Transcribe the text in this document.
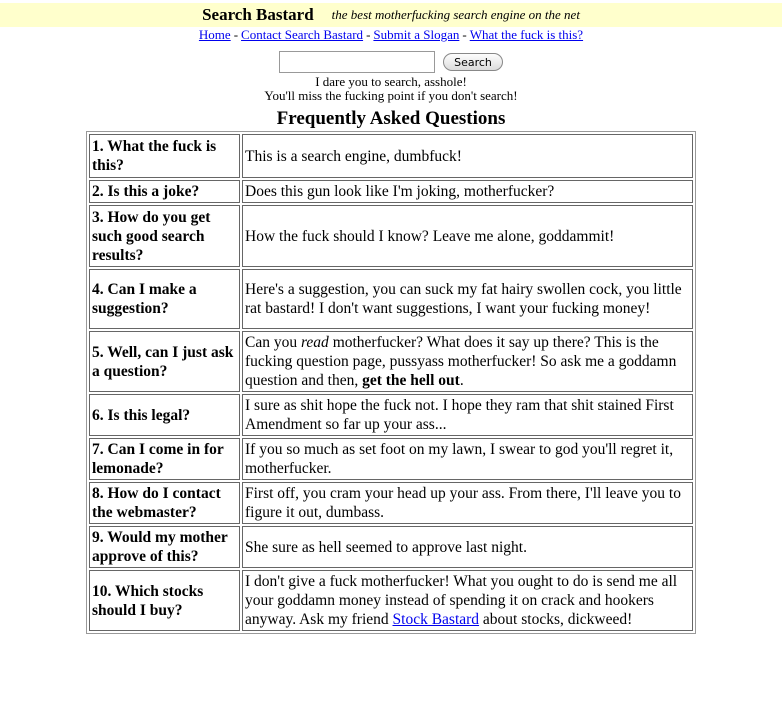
Search Bastard the best motherfucking search engine on the net
Home - Contact Search Bastard - Submit a Slogan - What the fuck is this?
Search
I dare you to search, asshole!
You'll miss the fucking point if you don't search!
Frequently Asked Questions
1. What the fuck is this?	This is a search engine, dumbfuck!
2. Is this a joke?	Does this gun look like I'm joking, motherfucker?
3. How do you get such good search results?	How the fuck should I know? Leave me alone, goddammit!
4. Can I make a suggestion?	Here's a suggestion, you can suck my fat hairy swollen cock, you little rat bastard! I don't want suggestions, I want your fucking money!
5. Well, can I just ask a question?	Can you read motherfucker? What does it say up there? This is the fucking question page, pussyass motherfucker! So ask me a goddamn question and then, get the hell out.
6. Is this legal?	I sure as shit hope the fuck not. I hope they ram that shit stained First Amendment so far up your ass...
7. Can I come in for lemonade?	If you so much as set foot on my lawn, I swear to god you'll regret it, motherfucker.
8. How do I contact the webmaster?	First off, you cram your head up your ass. From there, I'll leave you to figure it out, dumbass.
9. Would my mother approve of this?	She sure as hell seemed to approve last night.
10. Which stocks should I buy?	I don't give a fuck motherfucker! What you ought to do is send me all your goddamn money instead of spending it on crack and hookers anyway. Ask my friend Stock Bastard about stocks, dickweed!
